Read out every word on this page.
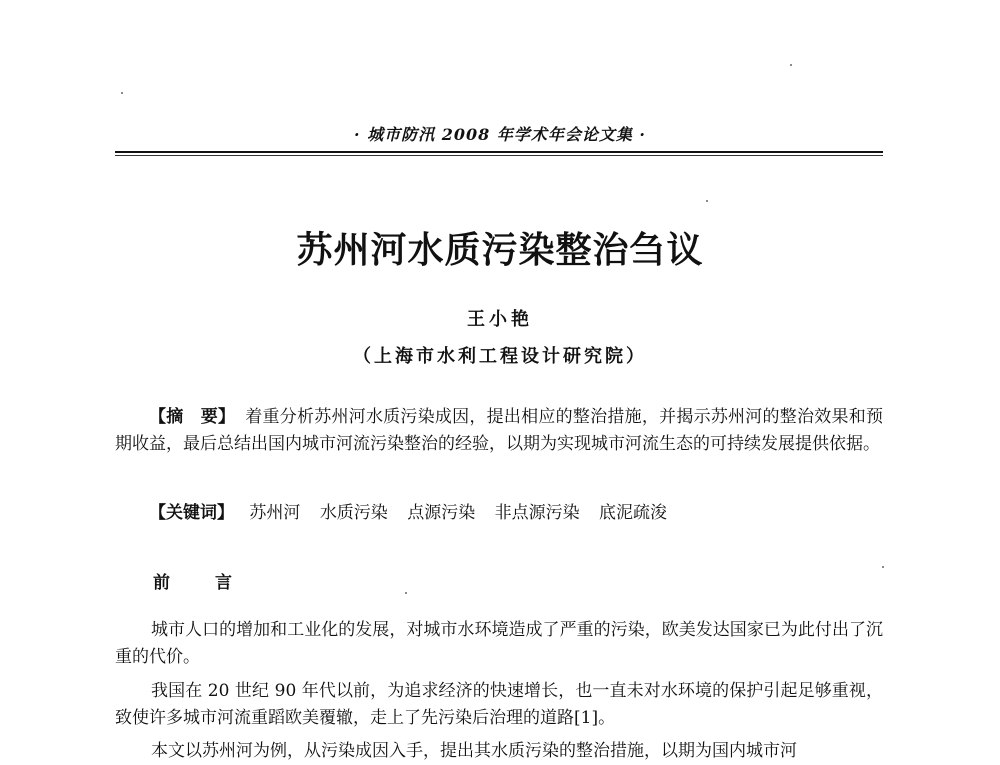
· 城市防汛 2008 年学术年会论文集 ·
苏州河水质污染整治刍议
王小艳
（上海市水利工程设计研究院）
【摘　要】 着重分析苏州河水质污染成因，提出相应的整治措施，并揭示苏州河的整治效果和预期收益，最后总结出国内城市河流污染整治的经验，以期为实现城市河流生态的可持续发展提供依据。
【关键词】 苏州河 水质污染 点源污染 非点源污染 底泥疏浚
前　言
城市人口的增加和工业化的发展，对城市水环境造成了严重的污染，欧美发达国家已为此付出了沉重的代价。
我国在 20 世纪 90 年代以前，为追求经济的快速增长，也一直未对水环境的保护引起足够重视，致使许多城市河流重蹈欧美覆辙，走上了先污染后治理的道路[1]。
本文以苏州河为例，从污染成因入手，提出其水质污染的整治措施，以期为国内城市河
